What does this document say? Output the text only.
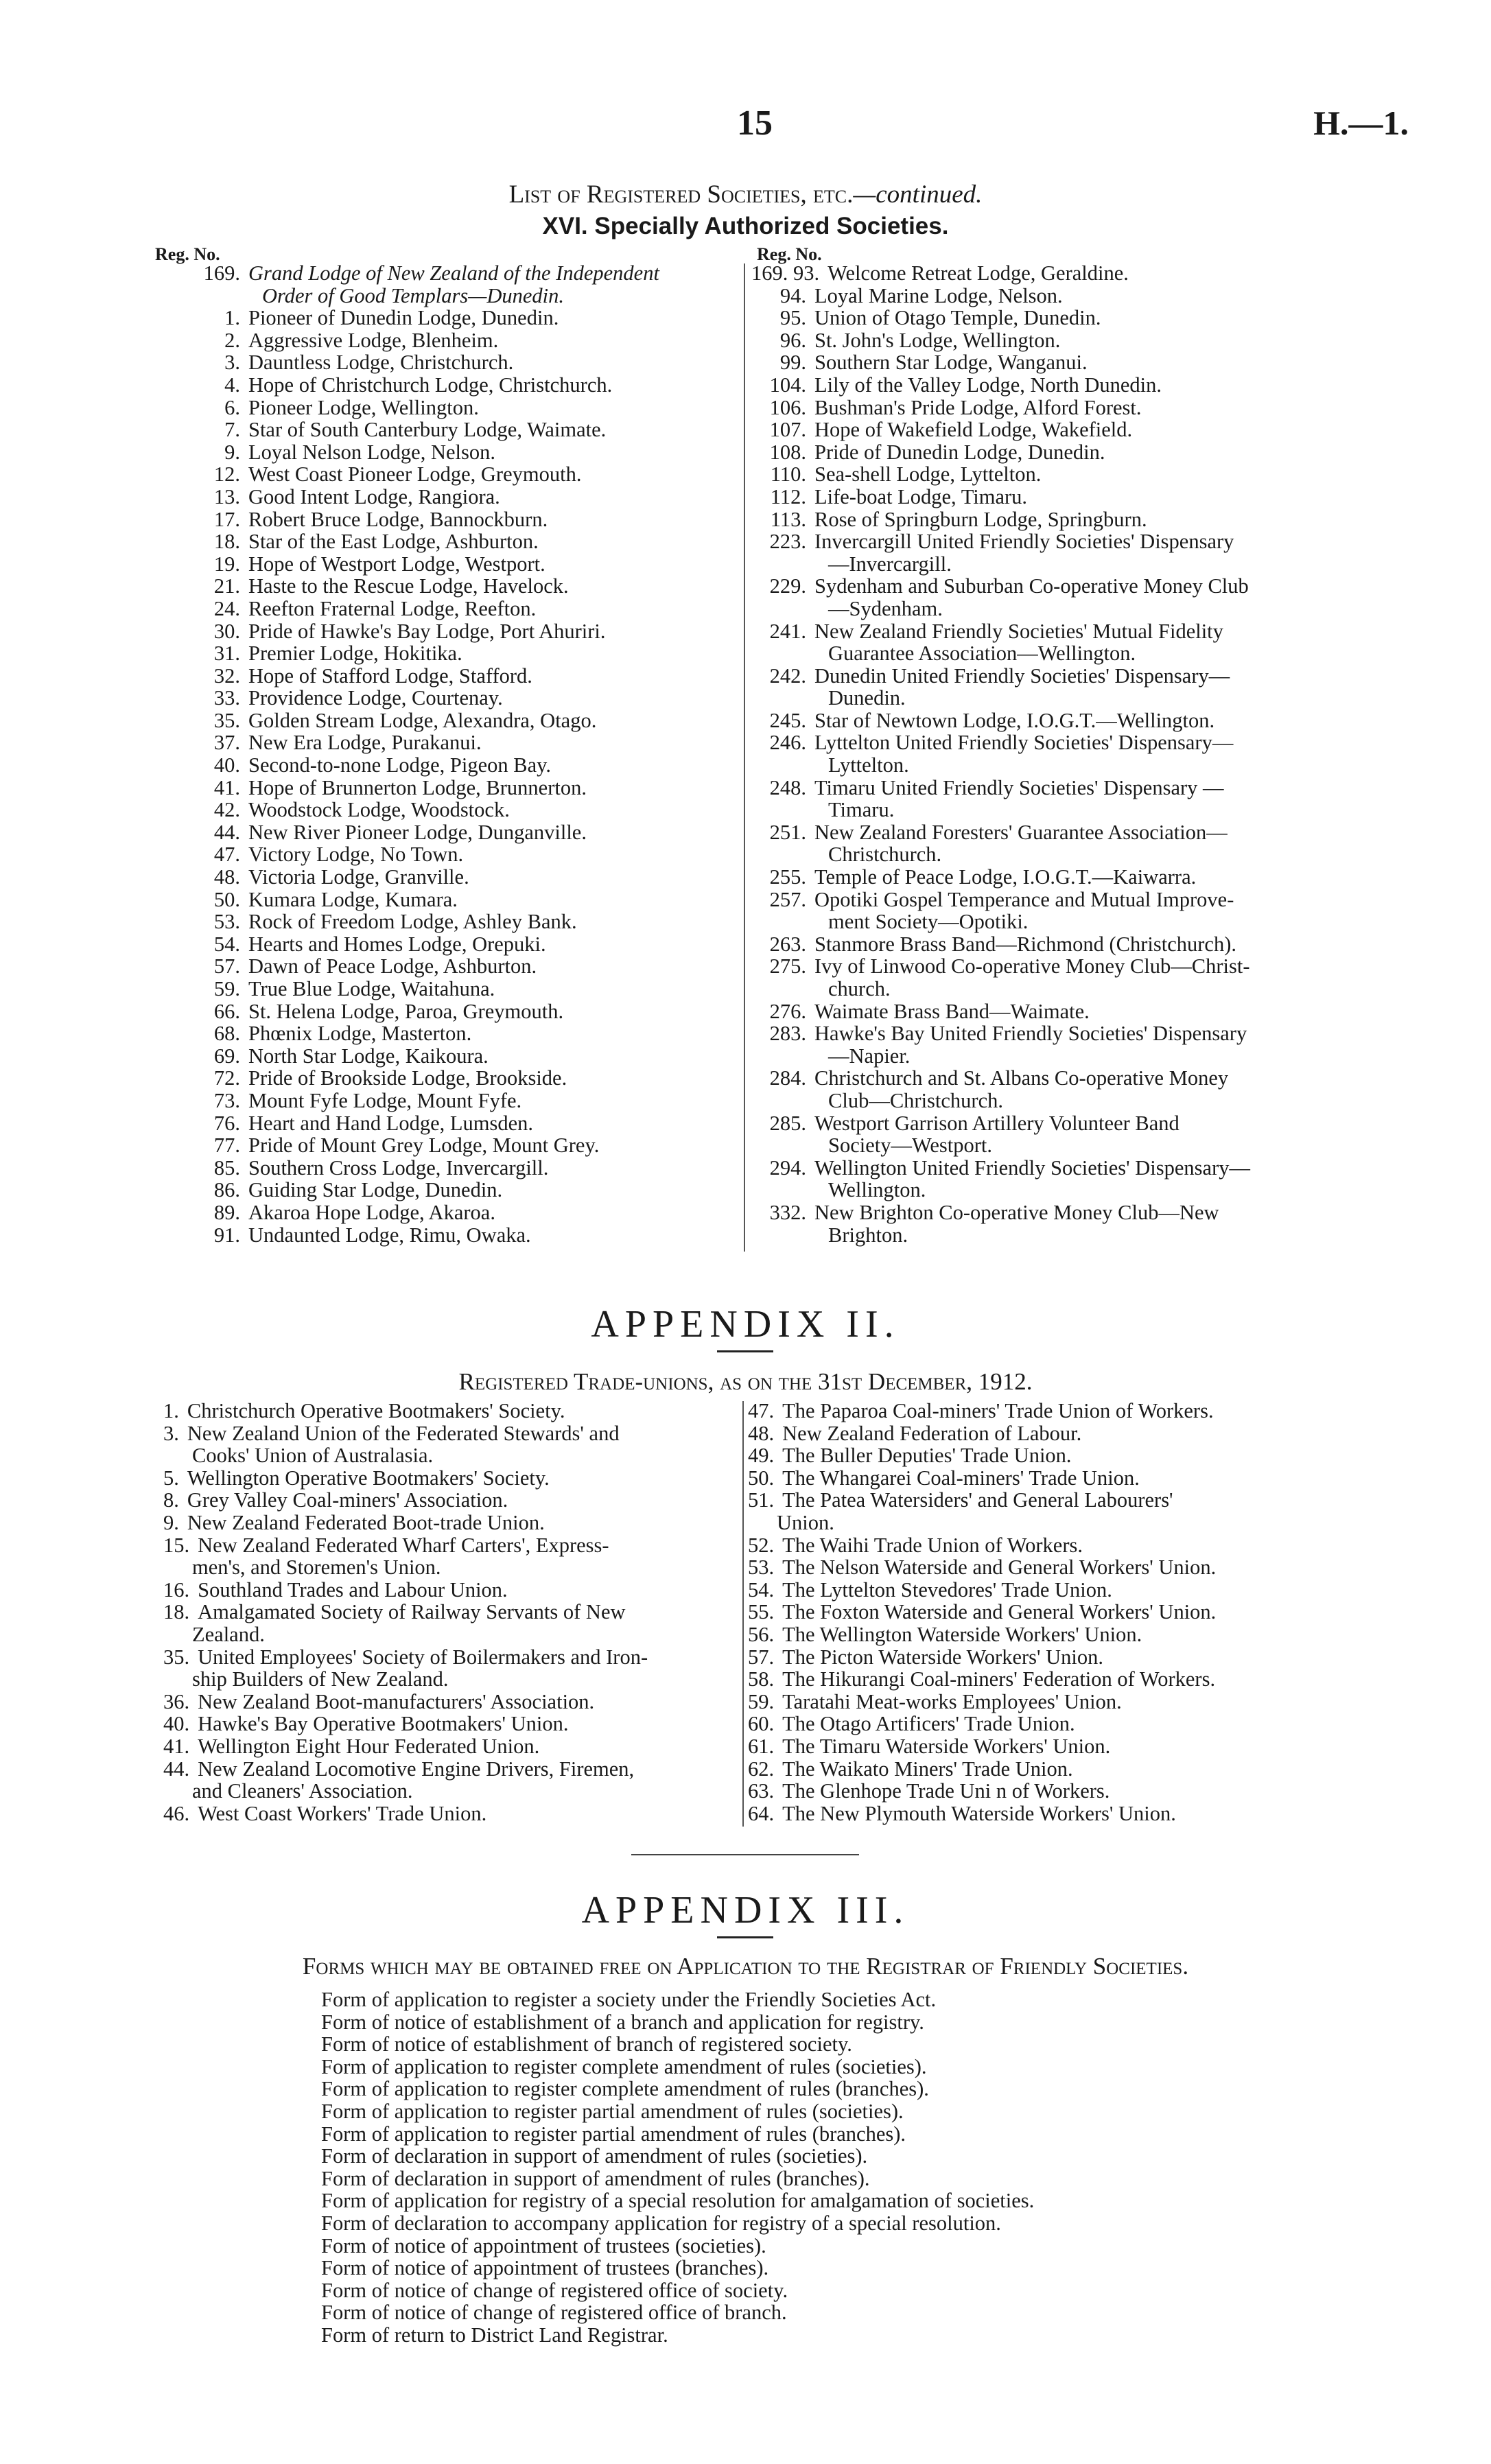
15	H.—1.
List of Registered Societies, etc.—continued.
XVI. Specially Authorized Societies.
Reg. No.	Reg. No.
169. Grand Lodge of New Zealand of the Independent
Order of Good Templars—Dunedin.
1. Pioneer of Dunedin Lodge, Dunedin.
2. Aggressive Lodge, Blenheim.
3. Dauntless Lodge, Christchurch.
4. Hope of Christchurch Lodge, Christchurch.
6. Pioneer Lodge, Wellington.
7. Star of South Canterbury Lodge, Waimate.
9. Loyal Nelson Lodge, Nelson.
12. West Coast Pioneer Lodge, Greymouth.
13. Good Intent Lodge, Rangiora.
17. Robert Bruce Lodge, Bannockburn.
18. Star of the East Lodge, Ashburton.
19. Hope of Westport Lodge, Westport.
21. Haste to the Rescue Lodge, Havelock.
24. Reefton Fraternal Lodge, Reefton.
30. Pride of Hawke's Bay Lodge, Port Ahuriri.
31. Premier Lodge, Hokitika.
32. Hope of Stafford Lodge, Stafford.
33. Providence Lodge, Courtenay.
35. Golden Stream Lodge, Alexandra, Otago.
37. New Era Lodge, Purakanui.
40. Second-to-none Lodge, Pigeon Bay.
41. Hope of Brunnerton Lodge, Brunnerton.
42. Woodstock Lodge, Woodstock.
44. New River Pioneer Lodge, Dunganville.
47. Victory Lodge, No Town.
48. Victoria Lodge, Granville.
50. Kumara Lodge, Kumara.
53. Rock of Freedom Lodge, Ashley Bank.
54. Hearts and Homes Lodge, Orepuki.
57. Dawn of Peace Lodge, Ashburton.
59. True Blue Lodge, Waitahuna.
66. St. Helena Lodge, Paroa, Greymouth.
68. Phœnix Lodge, Masterton.
69. North Star Lodge, Kaikoura.
72. Pride of Brookside Lodge, Brookside.
73. Mount Fyfe Lodge, Mount Fyfe.
76. Heart and Hand Lodge, Lumsden.
77. Pride of Mount Grey Lodge, Mount Grey.
85. Southern Cross Lodge, Invercargill.
86. Guiding Star Lodge, Dunedin.
89. Akaroa Hope Lodge, Akaroa.
91. Undaunted Lodge, Rimu, Owaka.
169. 93. Welcome Retreat Lodge, Geraldine.
94. Loyal Marine Lodge, Nelson.
95. Union of Otago Temple, Dunedin.
96. St. John's Lodge, Wellington.
99. Southern Star Lodge, Wanganui.
104. Lily of the Valley Lodge, North Dunedin.
106. Bushman's Pride Lodge, Alford Forest.
107. Hope of Wakefield Lodge, Wakefield.
108. Pride of Dunedin Lodge, Dunedin.
110. Sea-shell Lodge, Lyttelton.
112. Life-boat Lodge, Timaru.
113. Rose of Springburn Lodge, Springburn.
223. Invercargill United Friendly Societies' Dispensary
—Invercargill.
229. Sydenham and Suburban Co-operative Money Club
—Sydenham.
241. New Zealand Friendly Societies' Mutual Fidelity
Guarantee Association—Wellington.
242. Dunedin United Friendly Societies' Dispensary—
Dunedin.
245. Star of Newtown Lodge, I.O.G.T.—Wellington.
246. Lyttelton United Friendly Societies' Dispensary—
Lyttelton.
248. Timaru United Friendly Societies' Dispensary —
Timaru.
251. New Zealand Foresters' Guarantee Association—
Christchurch.
255. Temple of Peace Lodge, I.O.G.T.—Kaiwarra.
257. Opotiki Gospel Temperance and Mutual Improve-
ment Society—Opotiki.
263. Stanmore Brass Band—Richmond (Christchurch).
275. Ivy of Linwood Co-operative Money Club—Christ-
church.
276. Waimate Brass Band—Waimate.
283. Hawke's Bay United Friendly Societies' Dispensary
—Napier.
284. Christchurch and St. Albans Co-operative Money
Club—Christchurch.
285. Westport Garrison Artillery Volunteer Band
Society—Westport.
294. Wellington United Friendly Societies' Dispensary—
Wellington.
332. New Brighton Co-operative Money Club—New
Brighton.
APPENDIX II.
Registered Trade-unions, as on the 31st December, 1912.
1. Christchurch Operative Bootmakers' Society.
3. New Zealand Union of the Federated Stewards' and
Cooks' Union of Australasia.
5. Wellington Operative Bootmakers' Society.
8. Grey Valley Coal-miners' Association.
9. New Zealand Federated Boot-trade Union.
15. New Zealand Federated Wharf Carters', Express-
men's, and Storemen's Union.
16. Southland Trades and Labour Union.
18. Amalgamated Society of Railway Servants of New
Zealand.
35. United Employees' Society of Boilermakers and Iron-
ship Builders of New Zealand.
36. New Zealand Boot-manufacturers' Association.
40. Hawke's Bay Operative Bootmakers' Union.
41. Wellington Eight Hour Federated Union.
44. New Zealand Locomotive Engine Drivers, Firemen,
and Cleaners' Association.
46. West Coast Workers' Trade Union.
47. The Paparoa Coal-miners' Trade Union of Workers.
48. New Zealand Federation of Labour.
49. The Buller Deputies' Trade Union.
50. The Whangarei Coal-miners' Trade Union.
51. The Patea Watersiders' and General Labourers'
Union.
52. The Waihi Trade Union of Workers.
53. The Nelson Waterside and General Workers' Union.
54. The Lyttelton Stevedores' Trade Union.
55. The Foxton Waterside and General Workers' Union.
56. The Wellington Waterside Workers' Union.
57. The Picton Waterside Workers' Union.
58. The Hikurangi Coal-miners' Federation of Workers.
59. Taratahi Meat-works Employees' Union.
60. The Otago Artificers' Trade Union.
61. The Timaru Waterside Workers' Union.
62. The Waikato Miners' Trade Union.
63. The Glenhope Trade Uni n of Workers.
64. The New Plymouth Waterside Workers' Union.
APPENDIX III.
Forms which may be obtained free on Application to the Registrar of Friendly Societies.
Form of application to register a society under the Friendly Societies Act.
Form of notice of establishment of a branch and application for registry.
Form of notice of establishment of branch of registered society.
Form of application to register complete amendment of rules (societies).
Form of application to register complete amendment of rules (branches).
Form of application to register partial amendment of rules (societies).
Form of application to register partial amendment of rules (branches).
Form of declaration in support of amendment of rules (societies).
Form of declaration in support of amendment of rules (branches).
Form of application for registry of a special resolution for amalgamation of societies.
Form of declaration to accompany application for registry of a special resolution.
Form of notice of appointment of trustees (societies).
Form of notice of appointment of trustees (branches).
Form of notice of change of registered office of society.
Form of notice of change of registered office of branch.
Form of return to District Land Registrar.
